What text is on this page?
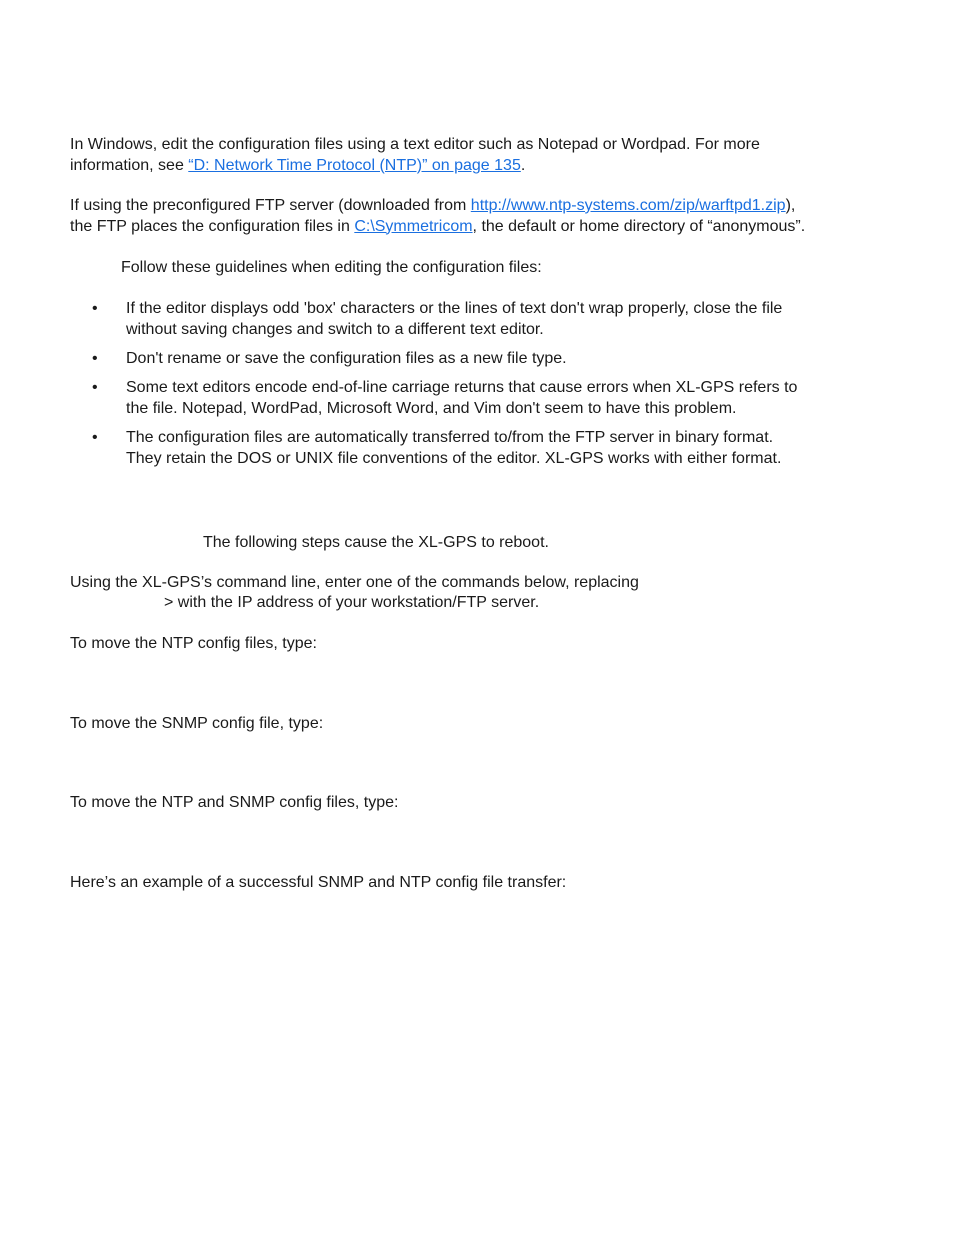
In Windows, edit the configuration files using a text editor such as Notepad or Wordpad. For more
information, see “D: Network Time Protocol (NTP)” on page 135.
If using the preconfigured FTP server (downloaded from http://www.ntp-systems.com/zip/warftpd1.zip),
the FTP places the configuration files in C:\Symmetricom, the default or home directory of “anonymous”.
Follow these guidelines when editing the configuration files:
• If the editor displays odd 'box' characters or the lines of text don't wrap properly, close the file
without saving changes and switch to a different text editor.
• Don't rename or save the configuration files as a new file type.
• Some text editors encode end-of-line carriage returns that cause errors when XL-GPS refers to
the file. Notepad, WordPad, Microsoft Word, and Vim don't seem to have this problem.
• The configuration files are automatically transferred to/from the FTP server in binary format.
They retain the DOS or UNIX file conventions of the editor. XL-GPS works with either format.
The following steps cause the XL-GPS to reboot.
Using the XL-GPS’s command line, enter one of the commands below, replacing
> with the IP address of your workstation/FTP server.
To move the NTP config files, type:
To move the SNMP config file, type:
To move the NTP and SNMP config files, type:
Here’s an example of a successful SNMP and NTP config file transfer:
